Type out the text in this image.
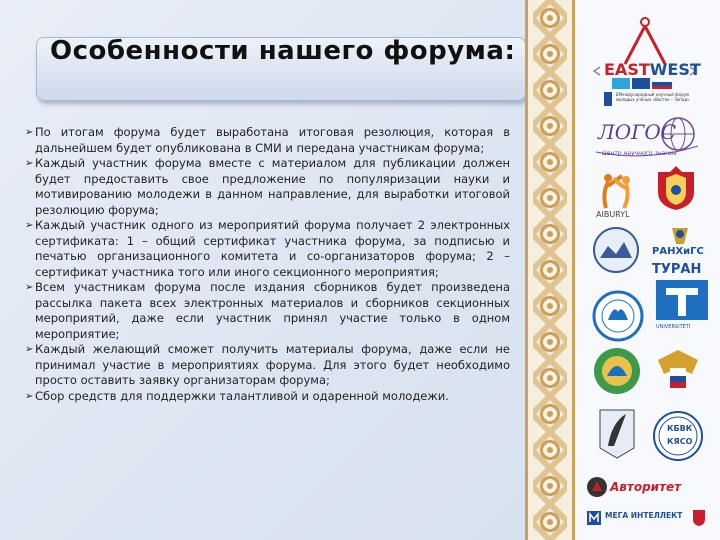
Особенности нашего форума:
➢ По итогам форума будет выработана итоговая резолюция, которая в дальнейшем будет опубликована в СМИ и передана участникам форума;
➢ Каждый участник форума вместе с материалом для публикации должен будет предоставить свое предложение по популяризации науки и мотивированию молодежи в данном направление, для выработки итоговой резолюцию форума;
➢ Каждый участник одного из мероприятий форума получает 2 электронных сертификата: 1 – общий сертификат участника форума, за подписью и печатью организационного комитета и со-организаторов форума; 2 – сертификат участника того или иного секционного мероприятия;
➢ Всем участникам форума после издания сборников будет произведена рассылка пакета всех электронных материалов и сборников секционных мероприятий, даже если участник принял участие только в одном мероприятие;
➢ Каждый желающий сможет получить материалы форума, даже если не принимал участие в мероприятиях форума. Для этого будет необходимо просто оставить заявку организаторам форума;
➢ Сбор средств для поддержки талантливой и одаренной молодежи.
EASTWEST
EMеждународный научный форум молодых учёных «Восток – Запад»
ЛОГОС
Центр научного знания
AIBURYL
РАНХиГС
ТУРАН
UNIVERSITETI
КБВК
КЯСО
Авторитет
МЕГА ИНТЕЛЛЕКТ
